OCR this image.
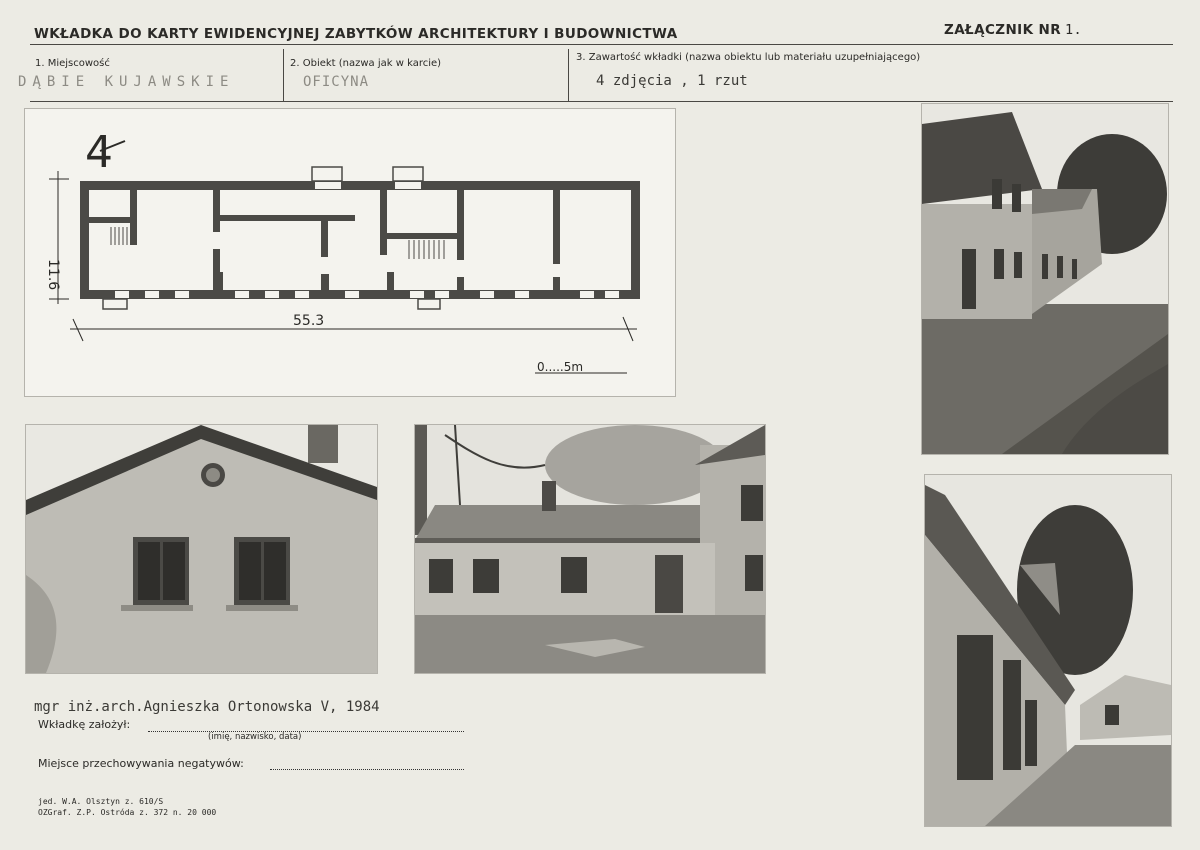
WKŁADKA DO KARTY EWIDENCYJNEJ ZABYTKÓW ARCHITEKTURY I BUDOWNICTWA	ZAŁĄCZNIK NR 1.
1. Miejscowość
DĄBIE KUJAWSKIE
2. Obiekt (nazwa jak w karcie)
OFICYNA
3. Zawartość wkładki (nazwa obiektu lub materiału uzupełniającego)
4 zdjęcia , 1 rzut
4
11.6
55.3
0.....5m
mgr inż.arch.Agnieszka Ortonowska V, 1984
Wkładkę założył:
(imię, nazwisko, data)
Miejsce przechowywania negatywów:
jed. W.A. Olsztyn z. 610/S
OZGraf. Z.P. Ostróda z. 372 n. 20 000
